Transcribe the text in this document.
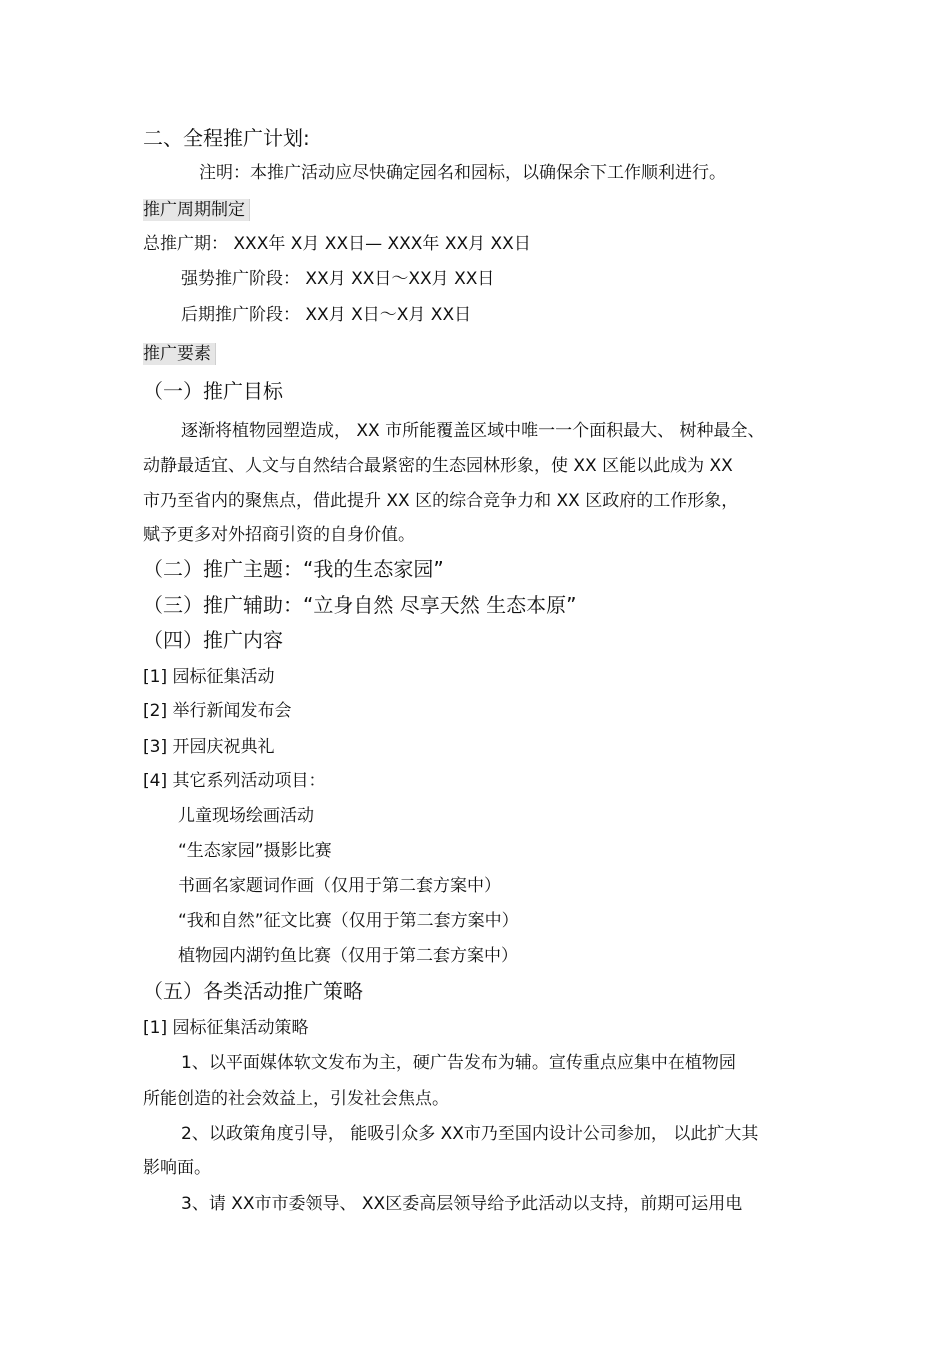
二、全程推广计划:

注明：本推广活动应尽快确定园名和园标，以确保余下工作顺利进行。

推广周期制定

总推广期： XXX年 X月 XX日— XXX年 XX月 XX日

强势推广阶段： XX月 XX日～XX月 XX日

后期推广阶段： XX月 X日～X月 XX日

推广要素

（一）推广目标

逐渐将植物园塑造成， XX 市所能覆盖区域中唯一一个面积最大、 树种最全、

动静最适宜、人文与自然结合最紧密的生态园林形象，使 XX 区能以此成为 XX

市乃至省内的聚焦点，借此提升 XX 区的综合竞争力和 XX 区政府的工作形象，

赋予更多对外招商引资的自身价值。

（二）推广主题：“我的生态家园”

（三）推广辅助：“立身自然 尽享天然 生态本原”

（四）推广内容

[1] 园标征集活动

[2] 举行新闻发布会

[3] 开园庆祝典礼

[4] 其它系列活动项目：

儿童现场绘画活动

“生态家园”摄影比赛

书画名家题词作画（仅用于第二套方案中）

“我和自然”征文比赛（仅用于第二套方案中）

植物园内湖钓鱼比赛（仅用于第二套方案中）

（五）各类活动推广策略

[1] 园标征集活动策略

1、以平面媒体软文发布为主，硬广告发布为辅。宣传重点应集中在植物园

所能创造的社会效益上，引发社会焦点。

2、以政策角度引导， 能吸引众多 XX市乃至国内设计公司参加， 以此扩大其

影响面。

3、请 XX市市委领导、 XX区委高层领导给予此活动以支持，前期可运用电
